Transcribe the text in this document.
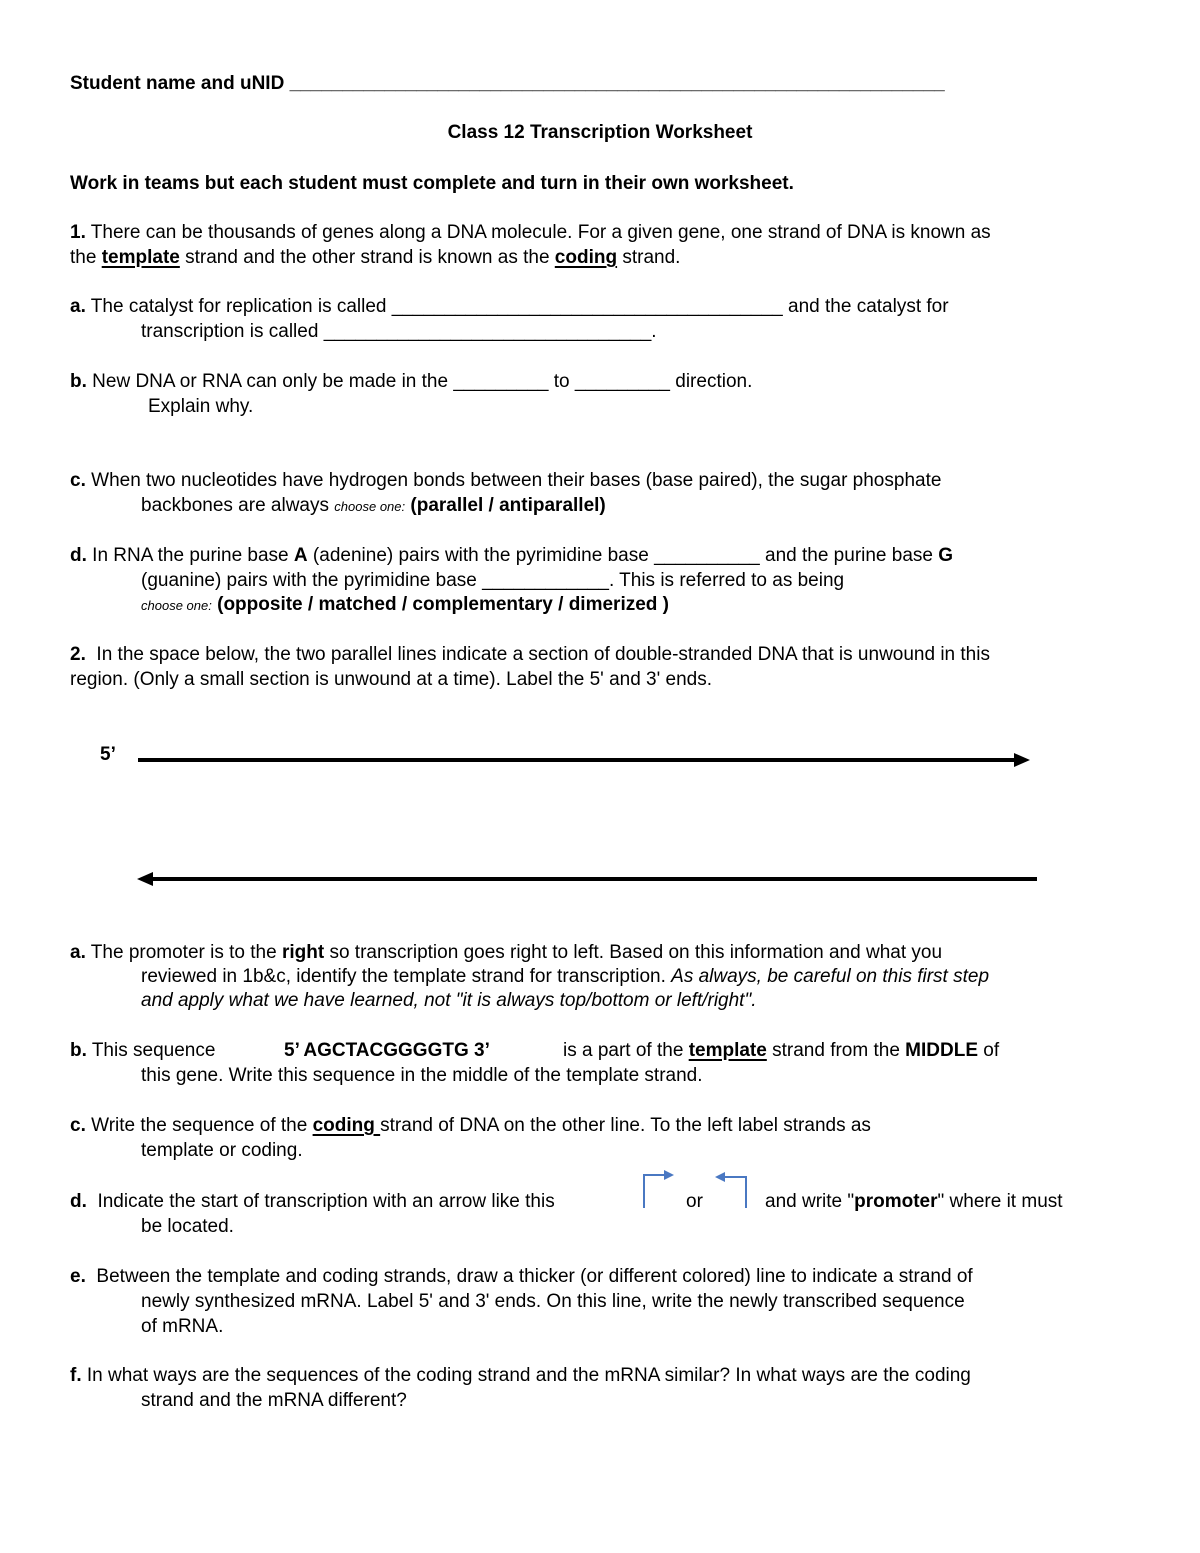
Student name and uNID ______________________________________________________________
Class 12 Transcription Worksheet
Work in teams but each student must complete and turn in their own worksheet.
1. There can be thousands of genes along a DNA molecule. For a given gene, one strand of DNA is known as
the template strand and the other strand is known as the coding strand.
a. The catalyst for replication is called _____________________________________ and the catalyst for
transcription is called _______________________________.
b. New DNA or RNA can only be made in the _________ to _________ direction.
Explain why.
c. When two nucleotides have hydrogen bonds between their bases (base paired), the sugar phosphate
backbones are always choose one: (parallel / antiparallel)
d. In RNA the purine base A (adenine) pairs with the pyrimidine base __________ and the purine base G
(guanine) pairs with the pyrimidine base ____________. This is referred to as being
choose one: (opposite / matched / complementary / dimerized )
2. In the space below, the two parallel lines indicate a section of double-stranded DNA that is unwound in this
region. (Only a small section is unwound at a time). Label the 5' and 3' ends.
5’
a. The promoter is to the right so transcription goes right to left. Based on this information and what you
reviewed in 1b&c, identify the template strand for transcription. As always, be careful on this first step
and apply what we have learned, not "it is always top/bottom or left/right".
b. This sequence	5’ AGCTACGGGGTG 3’	is a part of the template strand from the MIDDLE of
this gene. Write this sequence in the middle of the template strand.
c. Write the sequence of the coding strand of DNA on the other line. To the left label strands as
template or coding.
d. Indicate the start of transcription with an arrow like this	or	and write "promoter" where it must
be located.
e. Between the template and coding strands, draw a thicker (or different colored) line to indicate a strand of
newly synthesized mRNA. Label 5' and 3' ends. On this line, write the newly transcribed sequence
of mRNA.
f. In what ways are the sequences of the coding strand and the mRNA similar? In what ways are the coding
strand and the mRNA different?
